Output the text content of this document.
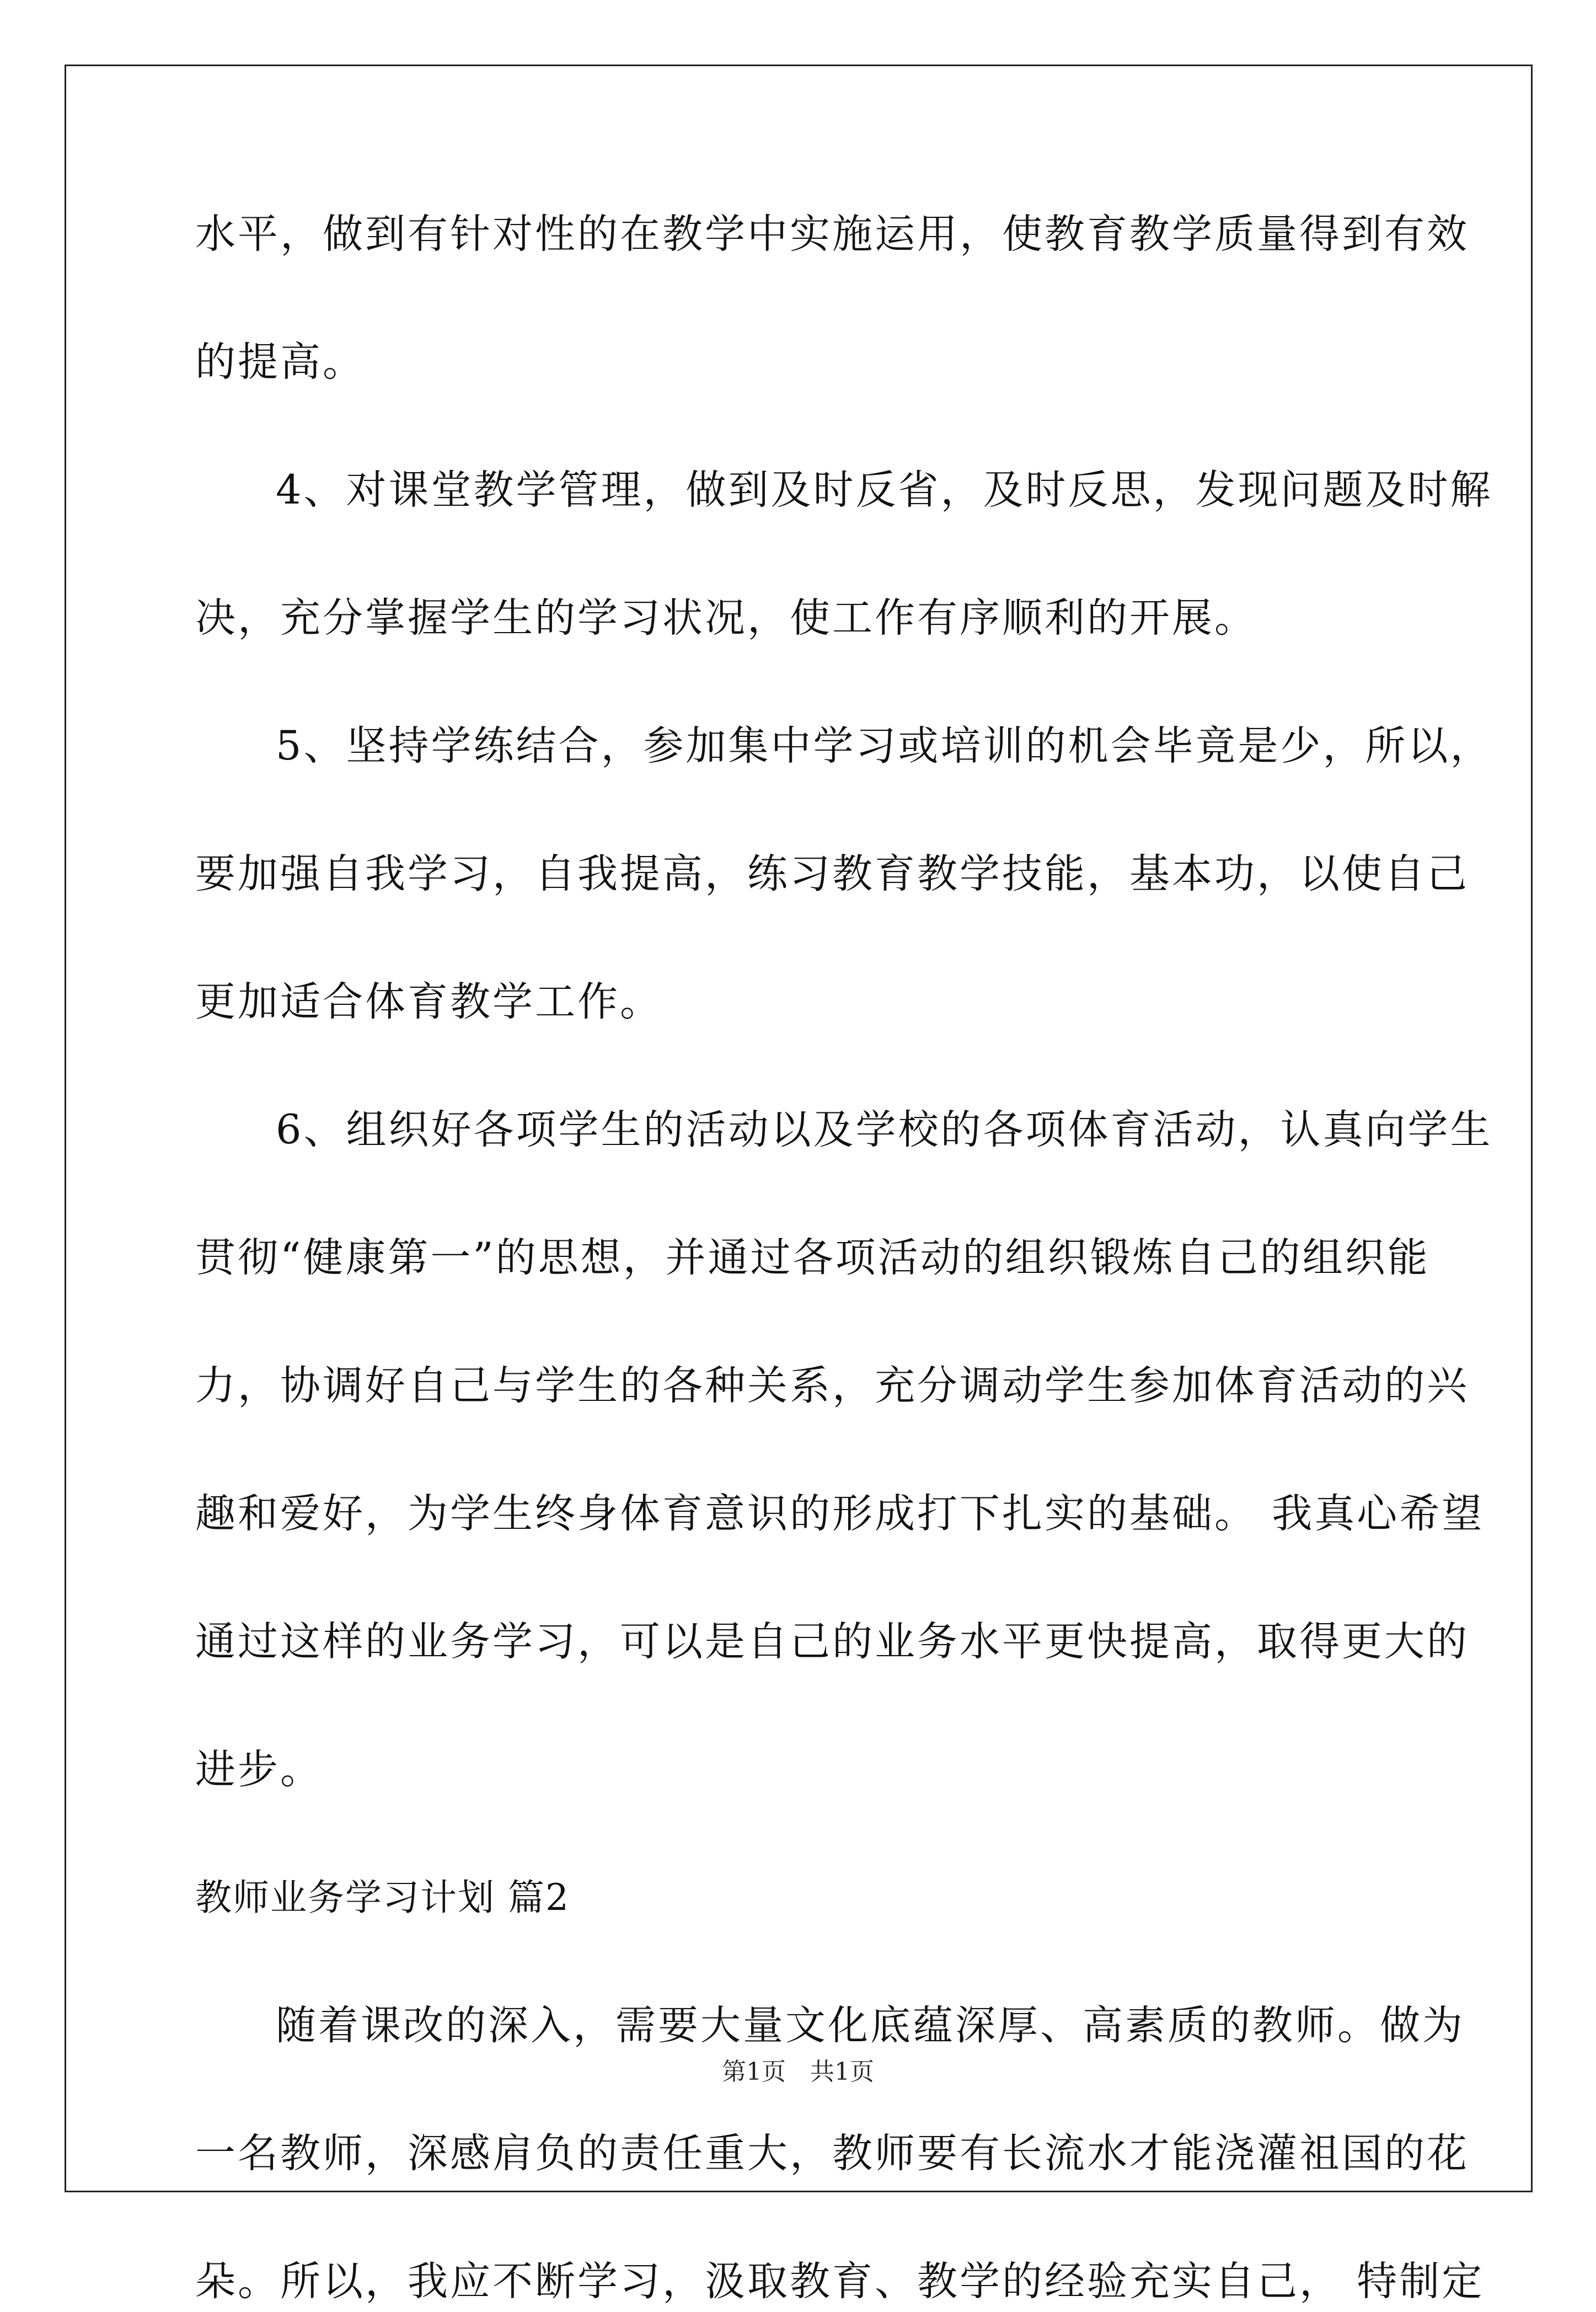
水平，做到有针对性的在教学中实施运用，使教育教学质量得到有效

的提高。

4、对课堂教学管理，做到及时反省，及时反思，发现问题及时解

决，充分掌握学生的学习状况，使工作有序顺利的开展。

5、坚持学练结合，参加集中学习或培训的机会毕竟是少，所以，

要加强自我学习，自我提高，练习教育教学技能，基本功，以使自己

更加适合体育教学工作。

6、组织好各项学生的活动以及学校的各项体育活动，认真向学生

贯彻“健康第一”的思想，并通过各项活动的组织锻炼自己的组织能

力，协调好自己与学生的各种关系，充分调动学生参加体育活动的兴

趣和爱好，为学生终身体育意识的形成打下扎实的基础。 我真心希望

通过这样的业务学习，可以是自己的业务水平更快提高，取得更大的

进步。

教师业务学习计划 篇2

随着课改的深入，需要大量文化底蕴深厚、高素质的教师。做为

一名教师，深感肩负的责任重大，教师要有长流水才能浇灌祖国的花

朵。所以，我应不断学习，汲取教育、教学的经验充实自己， 特制定

第1页　共1页
